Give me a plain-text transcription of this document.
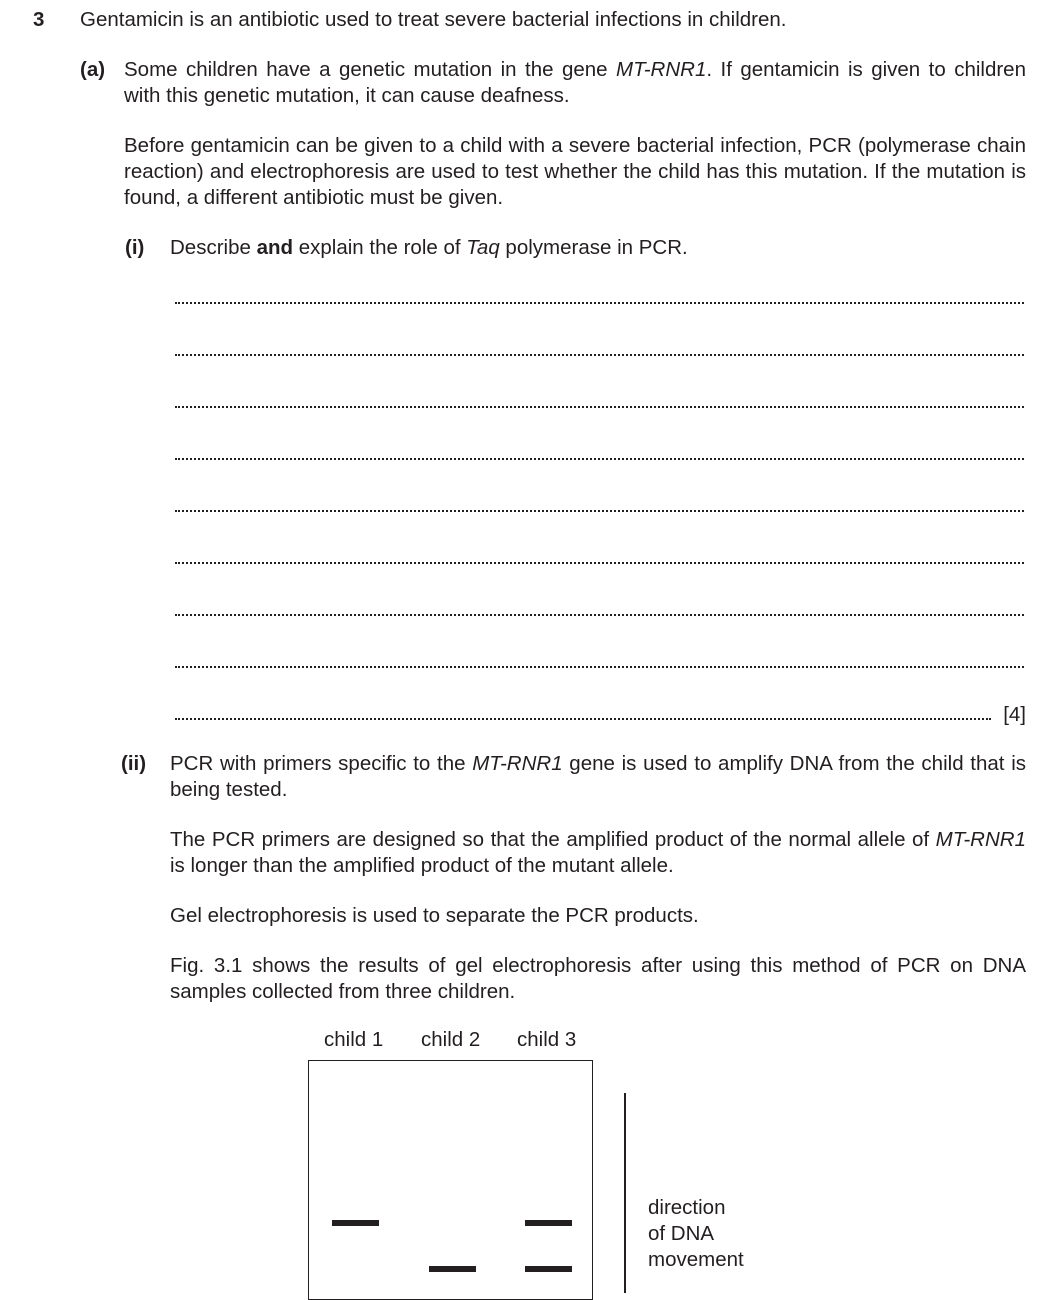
3 Gentamicin is an antibiotic used to treat severe bacterial infections in children.
(a) Some children have a genetic mutation in the gene MT-RNR1. If gentamicin is given to children with this genetic mutation, it can cause deafness.
Before gentamicin can be given to a child with a severe bacterial infection, PCR (polymerase chain reaction) and electrophoresis are used to test whether the child has this mutation. If the mutation is found, a different antibiotic must be given.
(i) Describe and explain the role of Taq polymerase in PCR.
[4]
(ii) PCR with primers specific to the MT-RNR1 gene is used to amplify DNA from the child that is being tested.
The PCR primers are designed so that the amplified product of the normal allele of MT-RNR1 is longer than the amplified product of the mutant allele.
Gel electrophoresis is used to separate the PCR products.
Fig. 3.1 shows the results of gel electrophoresis after using this method of PCR on DNA samples collected from three children.
child 1 child 2 child 3
direction
of DNA
movement
